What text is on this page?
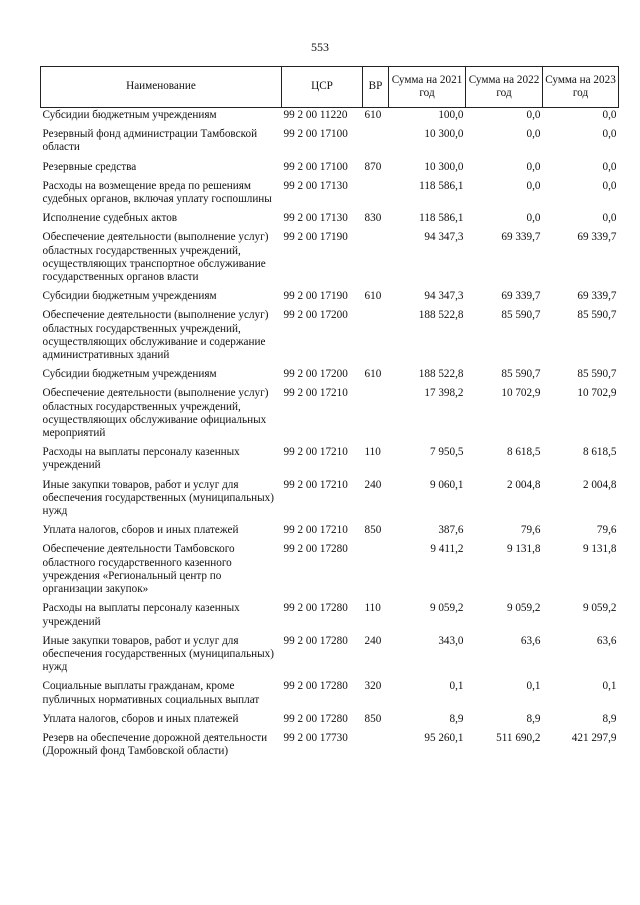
553
Наименование	ЦСР	ВР	Сумма на 2021 год	Сумма на 2022 год	Сумма на 2023 год
Субсидии бюджетным учреждениям	99 2 00 11220	610	100,0	0,0	0,0
Резервный фонд администрации Тамбовской области	99 2 00 17100		10 300,0	0,0	0,0
Резервные средства	99 2 00 17100	870	10 300,0	0,0	0,0
Расходы на возмещение вреда по решениям судебных органов, включая уплату госпошлины	99 2 00 17130		118 586,1	0,0	0,0
Исполнение судебных актов	99 2 00 17130	830	118 586,1	0,0	0,0
Обеспечение деятельности (выполнение услуг) областных государственных учреждений, осуществляющих транспортное обслуживание государственных органов власти	99 2 00 17190		94 347,3	69 339,7	69 339,7
Субсидии бюджетным учреждениям	99 2 00 17190	610	94 347,3	69 339,7	69 339,7
Обеспечение деятельности (выполнение услуг) областных государственных учреждений, осуществляющих обслуживание и содержание административных зданий	99 2 00 17200		188 522,8	85 590,7	85 590,7
Субсидии бюджетным учреждениям	99 2 00 17200	610	188 522,8	85 590,7	85 590,7
Обеспечение деятельности (выполнение услуг) областных государственных учреждений, осуществляющих обслуживание официальных мероприятий	99 2 00 17210		17 398,2	10 702,9	10 702,9
Расходы на выплаты персоналу казенных учреждений	99 2 00 17210	110	7 950,5	8 618,5	8 618,5
Иные закупки товаров, работ и услуг для обеспечения государственных (муниципальных) нужд	99 2 00 17210	240	9 060,1	2 004,8	2 004,8
Уплата налогов, сборов и иных платежей	99 2 00 17210	850	387,6	79,6	79,6
Обеспечение деятельности Тамбовского областного государственного казенного учреждения «Региональный центр по организации закупок»	99 2 00 17280		9 411,2	9 131,8	9 131,8
Расходы на выплаты персоналу казенных учреждений	99 2 00 17280	110	9 059,2	9 059,2	9 059,2
Иные закупки товаров, работ и услуг для обеспечения государственных (муниципальных) нужд	99 2 00 17280	240	343,0	63,6	63,6
Социальные выплаты гражданам, кроме публичных нормативных социальных выплат	99 2 00 17280	320	0,1	0,1	0,1
Уплата налогов, сборов и иных платежей	99 2 00 17280	850	8,9	8,9	8,9
Резерв на обеспечение дорожной деятельности (Дорожный фонд Тамбовской области)	99 2 00 17730		95 260,1	511 690,2	421 297,9
